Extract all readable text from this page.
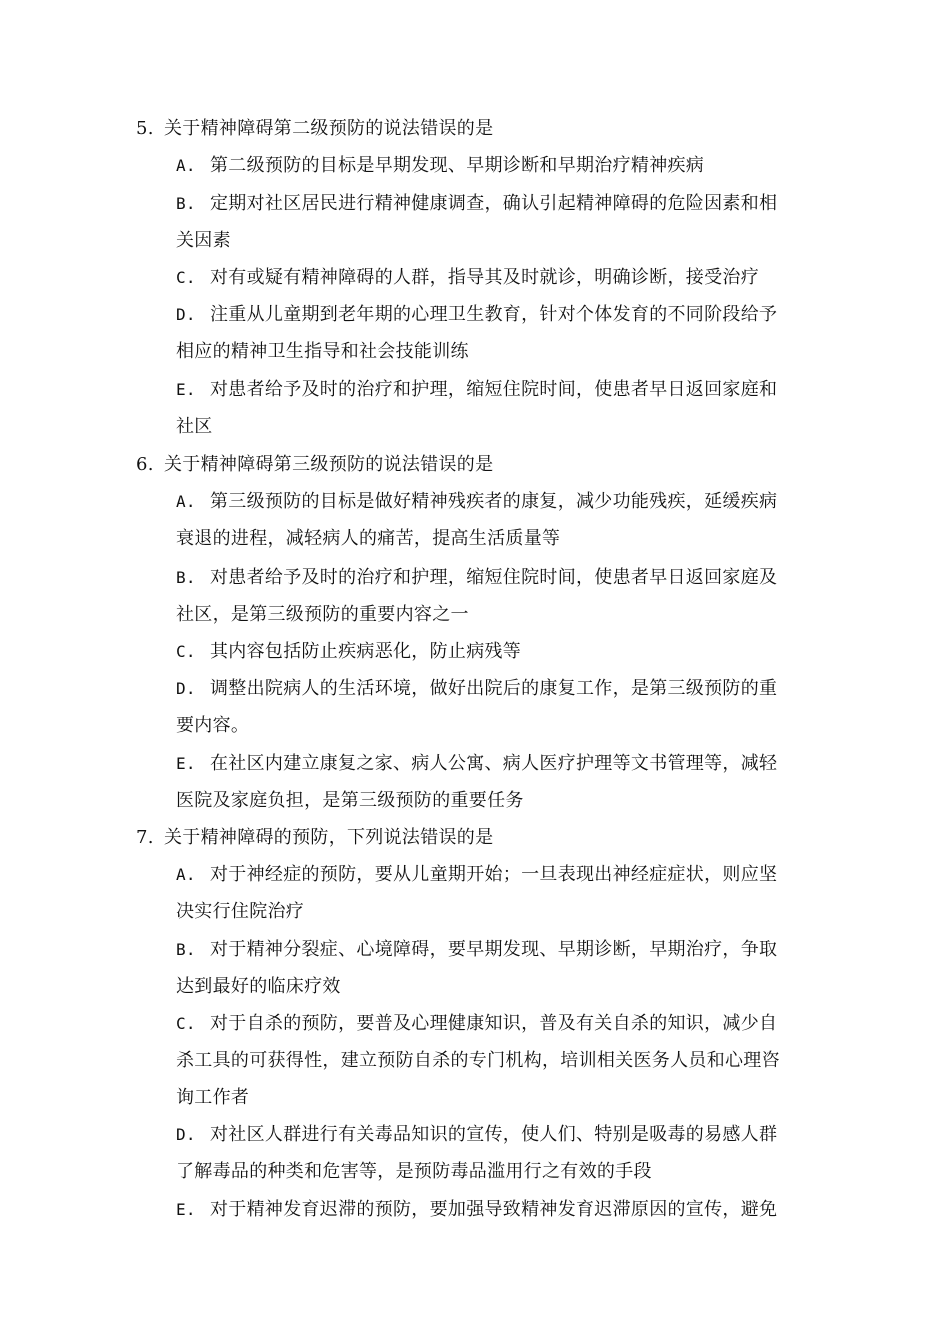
5. 关于精神障碍第二级预防的说法错误的是
A. 第二级预防的目标是早期发现、早期诊断和早期治疗精神疾病
B. 定期对社区居民进行精神健康调查，确认引起精神障碍的危险因素和相
关因素
C. 对有或疑有精神障碍的人群，指导其及时就诊，明确诊断，接受治疗
D. 注重从儿童期到老年期的心理卫生教育，针对个体发育的不同阶段给予
相应的精神卫生指导和社会技能训练
E. 对患者给予及时的治疗和护理，缩短住院时间，使患者早日返回家庭和
社区
6. 关于精神障碍第三级预防的说法错误的是
A. 第三级预防的目标是做好精神残疾者的康复，减少功能残疾，延缓疾病
衰退的进程，减轻病人的痛苦，提高生活质量等
B. 对患者给予及时的治疗和护理，缩短住院时间，使患者早日返回家庭及
社区，是第三级预防的重要内容之一
C. 其内容包括防止疾病恶化，防止病残等
D. 调整出院病人的生活环境，做好出院后的康复工作，是第三级预防的重
要内容。
E. 在社区内建立康复之家、病人公寓、病人医疗护理等文书管理等，减轻
医院及家庭负担，是第三级预防的重要任务
7. 关于精神障碍的预防，下列说法错误的是
A. 对于神经症的预防，要从儿童期开始；一旦表现出神经症症状，则应坚
决实行住院治疗
B. 对于精神分裂症、心境障碍，要早期发现、早期诊断，早期治疗，争取
达到最好的临床疗效
C. 对于自杀的预防，要普及心理健康知识，普及有关自杀的知识，减少自
杀工具的可获得性，建立预防自杀的专门机构，培训相关医务人员和心理咨
询工作者
D. 对社区人群进行有关毒品知识的宣传，使人们、特别是吸毒的易感人群
了解毒品的种类和危害等，是预防毒品滥用行之有效的手段
E. 对于精神发育迟滞的预防，要加强导致精神发育迟滞原因的宣传，避免
